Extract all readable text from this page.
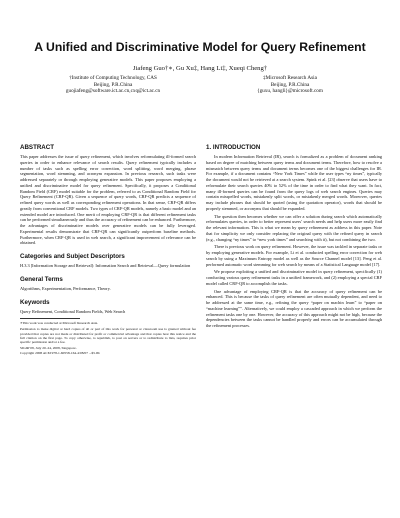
A Unified and Discriminative Model for Query Refinement
Jiafeng Guo†∗, Gu Xu‡, Hang Li‡, Xueqi Cheng†
†Institute of Computing Technology, CAS
Beijing, P.R.China
guojiafeng@software.ict.ac.cn,cxq@ict.ac.cn
‡Microsoft Research Asia
Beijing, P.R.China
{guxu, hangli}@microsoft.com
ABSTRACT

This paper addresses the issue of query refinement, which involves reformulating ill-formed search queries in order to enhance relevance of search results. Query refinement typically includes a number of tasks such as spelling error correction, word splitting, word merging, phrase segmentation, word stemming, and acronym expansion. In previous research, such tasks were addressed separately or through employing generative models. This paper proposes employing a unified and discriminative model for query refinement. Specifically, it proposes a Conditional Random Field (CRF) model suitable for the problem, referred to as Conditional Random Field for Query Refinement (CRF-QR). Given a sequence of query words, CRF-QR predicts a sequence of refined query words as well as corresponding refinement operations. In that sense, CRF-QR differs greatly from conventional CRF models. Two types of CRF-QR models, namely a basic model and an extended model are introduced. One merit of employing CRF-QR is that different refinement tasks can be performed simultaneously and thus the accuracy of refinement can be enhanced. Furthermore, the advantages of discriminative models over generative models can be fully leveraged. Experimental results demonstrate that CRF-QR can significantly outperform baseline methods. Furthermore, when CRF-QR is used in web search, a significant improvement of relevance can be obtained.

Categories and Subject Descriptors

H.3.3 [Information Storage and Retrieval]: Information Search and Retrieval—Query formulation

General Terms

Algorithms, Experimentation, Performance, Theory.

Keywords

Query Refinement, Conditional Random Fields, Web Search

∗This work was conducted at Microsoft Research Asia.

Permission to make digital or hard copies of all or part of this work for personal or classroom use is granted without fee provided that copies are not made or distributed for profit or commercial advantage and that copies bear this notice and the full citation on the first page. To copy otherwise, to republish, to post on servers or to redistribute to lists, requires prior specific permission and/or a fee.

SIGIR’08, July 20–24, 2008, Singapore.

Copyright 2008 ACM 978-1-60558-164-4/08/07 ...$5.00.

1. INTRODUCTION

In modern Information Retrieval (IR), search is formalized as a problem of document ranking based on degree of matching between query terms and document terms. Therefore, how to resolve a mismatch between query terms and document terms becomes one of the biggest challenges for IR. For example, if a document contains “New York Times” while the user types “ny times”, typically the document would not be retrieved at a search system. Spink et al. [23] observe that users have to reformulate their search queries 40% to 52% of the time in order to find what they want. In fact, many ill-formed queries can be found from the query logs of web search engines. Queries may contain misspelled words, mistakenly split words, or mistakenly merged words. Moreover, queries may include phrases that should be quoted (using the quotation operator), words that should be properly stemmed, or acronyms that should be expanded.

The question then becomes whether we can offer a solution during search which automatically reformulates queries, in order to better represent users’ search needs and help users more easily find the relevant information. This is what we mean by query refinement as address in this paper. Note that for simplicity we only consider replacing the original query with the refined query in search (e.g., changing “ny times” to “new york times” and searching with it), but not combining the two.

There is previous work on query refinement. However, the issue was tackled in separate tasks or by employing generative models. For example, Li et al. conducted spelling error correction for web search by using a Maximum Entropy model as well as the Source Channel model [13]. Peng et al. performed automatic word stemming for web search by means of a Statistical Language model [17].

We propose exploiting a unified and discriminative model in query refinement, specifically (1) conducting various query refinement tasks in a unified framework, and (2) employing a special CRF model called CRF-QR to accomplish the tasks.

One advantage of employing CRF-QR is that the accuracy of query refinement can be enhanced. This is because the tasks of query refinement are often mutually dependent, and need to be addressed at the same time, e.g., refining the query “paper on machin learn” to “paper on “machine learning””. Alternatively, we could employ a cascaded approach in which we perform the refinement tasks one by one. However, the accuracy of this approach might not be high, because the dependencies between the tasks cannot be handled properly and errors can be accumulated through the refinement processes.
